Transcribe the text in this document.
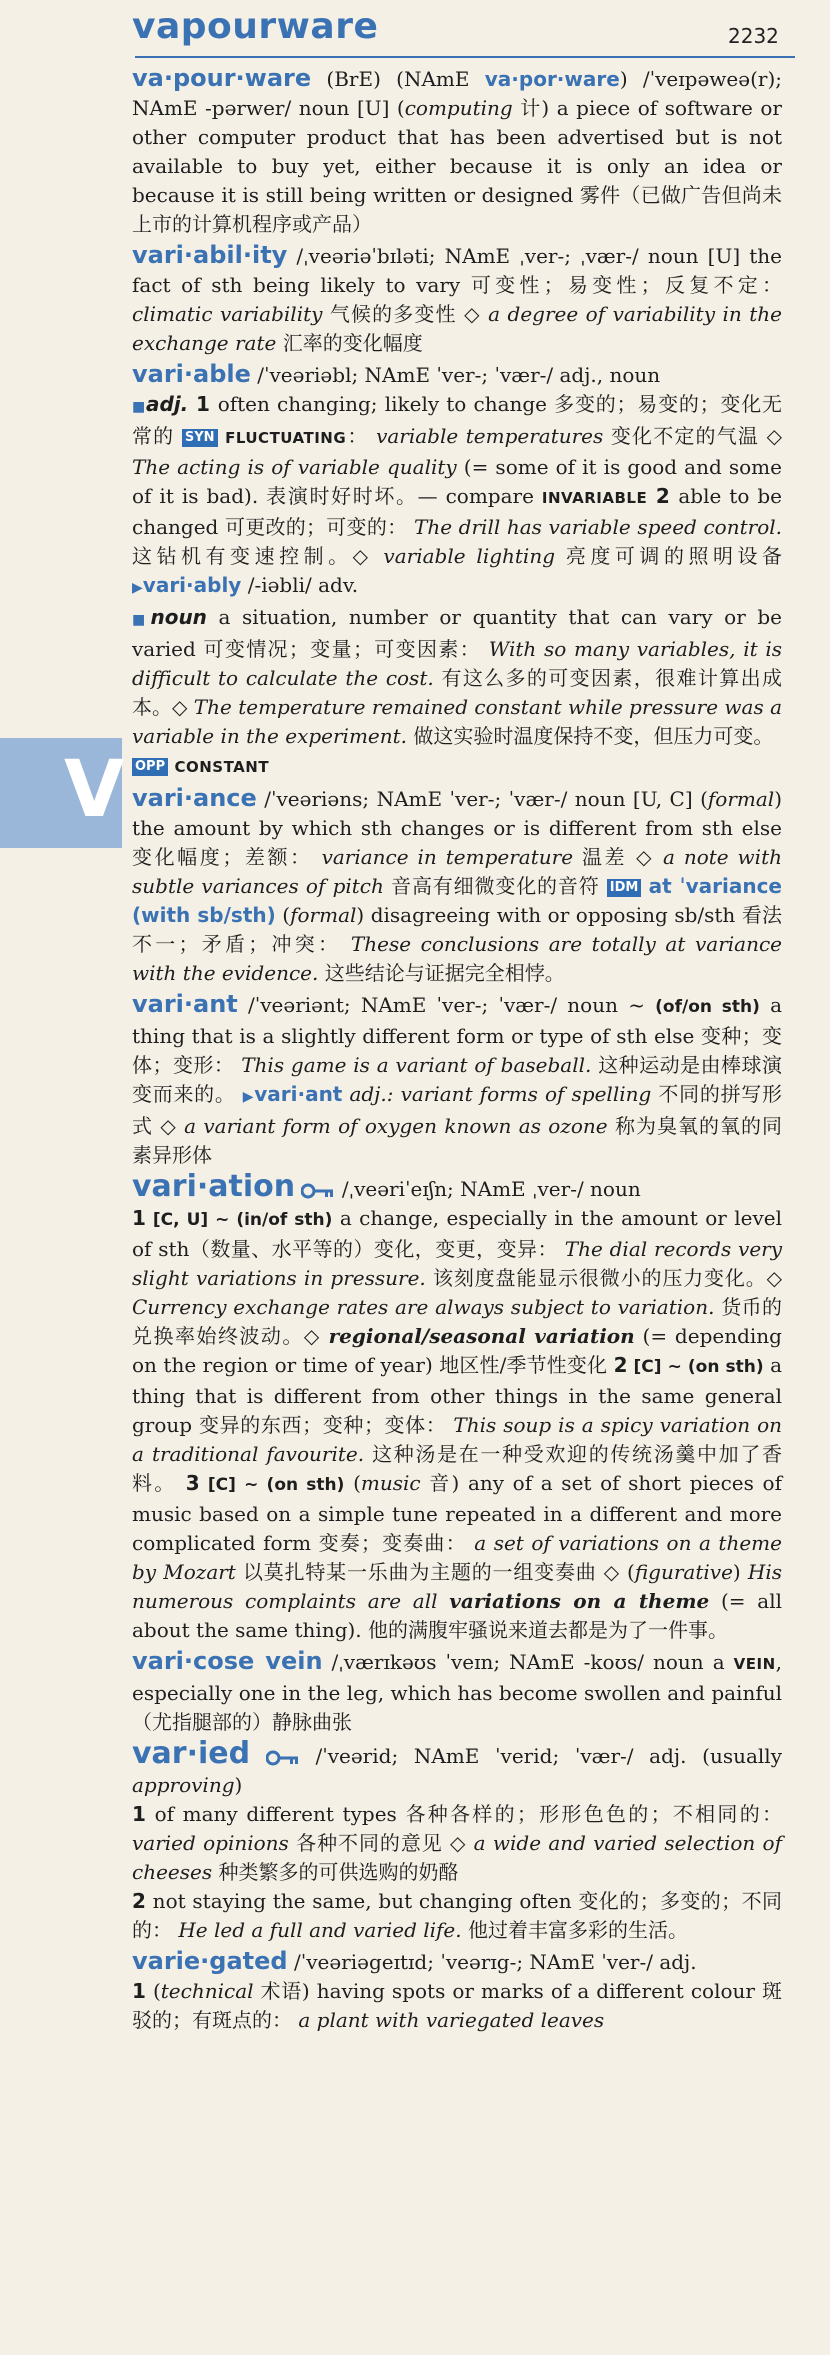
vapourware	2232
V
va·pour·ware (BrE) (NAmE va·por·ware) /ˈveɪpəweə(r); NAmE -pərwer/ noun [U] (computing 计) a piece of software or other computer product that has been advertised but is not available to buy yet, either because it is only an idea or because it is still being written or designed 雾件（已做广告但尚未上市的计算机程序或产品）
vari·abil·ity /ˌveəriəˈbɪləti; NAmE ˌver-; ˌvær-/ noun [U] the fact of sth being likely to vary 可变性；易变性；反复不定： climatic variability 气候的多变性 ◇ a degree of variability in the exchange rate 汇率的变化幅度
vari·able /ˈveəriəbl; NAmE ˈver-; ˈvær-/ adj., noun
■adj. 1 often changing; likely to change 多变的；易变的；变化无常的 SYN FLUCTUATING： variable temperatures 变化不定的气温 ◇ The acting is of variable quality (= some of it is good and some of it is bad). 表演时好时坏。— compare INVARIABLE 2 able to be changed 可更改的；可变的： The drill has variable speed control. 这钻机有变速控制。◇ variable lighting 亮度可调的照明设备 ▶vari·ably /-iəbli/ adv.
■noun a situation, number or quantity that can vary or be varied 可变情况；变量；可变因素： With so many variables, it is difficult to calculate the cost. 有这么多的可变因素，很难计算出成本。◇ The temperature remained constant while pressure was a variable in the experiment. 做这实验时温度保持不变，但压力可变。
OPP CONSTANT
vari·ance /ˈveəriəns; NAmE ˈver-; ˈvær-/ noun [U, C] (formal) the amount by which sth changes or is different from sth else 变化幅度；差额： variance in temperature 温差 ◇ a note with subtle variances of pitch 音高有细微变化的音符 IDM at ˈvariance (with sb/sth) (formal) disagreeing with or opposing sb/sth 看法不一；矛盾；冲突： These conclusions are totally at variance with the evidence. 这些结论与证据完全相悖。
vari·ant /ˈveəriənt; NAmE ˈver-; ˈvær-/ noun ~ (of/on sth) a thing that is a slightly different form or type of sth else 变种；变体；变形： This game is a variant of baseball. 这种运动是由棒球演变而来的。 ▶vari·ant adj.: variant forms of spelling 不同的拼写形式 ◇ a variant form of oxygen known as ozone 称为臭氧的氧的同素异形体
vari·ation  /ˌveəriˈeɪʃn; NAmE ˌver-/ noun
1 [C, U] ~ (in/of sth) a change, especially in the amount or level of sth（数量、水平等的）变化，变更，变异： The dial records very slight variations in pressure. 该刻度盘能显示很微小的压力变化。◇ Currency exchange rates are always subject to variation. 货币的兑换率始终波动。◇ regional/seasonal variation (= depending on the region or time of year) 地区性/季节性变化 2 [C] ~ (on sth) a thing that is different from other things in the same general group 变异的东西；变种；变体： This soup is a spicy variation on a traditional favourite. 这种汤是在一种受欢迎的传统汤羹中加了香料。 3 [C] ~ (on sth) (music 音) any of a set of short pieces of music based on a simple tune repeated in a different and more complicated form 变奏；变奏曲： a set of variations on a theme by Mozart 以莫扎特某一乐曲为主题的一组变奏曲 ◇ (figurative) His numerous complaints are all variations on a theme (= all about the same thing). 他的满腹牢骚说来道去都是为了一件事。
vari·cose vein /ˌværɪkəʊs ˈveɪn; NAmE -koʊs/ noun a VEIN, especially one in the leg, which has become swollen and painful（尤指腿部的）静脉曲张
var·ied  /ˈveərid; NAmE ˈverid; ˈvær-/ adj. (usually approving)
1 of many different types 各种各样的；形形色色的；不相同的： varied opinions 各种不同的意见 ◇ a wide and varied selection of cheeses 种类繁多的可供选购的奶酪
2 not staying the same, but changing often 变化的；多变的；不同的： He led a full and varied life. 他过着丰富多彩的生活。
varie·gated /ˈveəriəgeɪtɪd; ˈveərɪg-; NAmE ˈver-/ adj.
1 (technical 术语) having spots or marks of a different colour 斑驳的；有斑点的： a plant with variegated leaves
